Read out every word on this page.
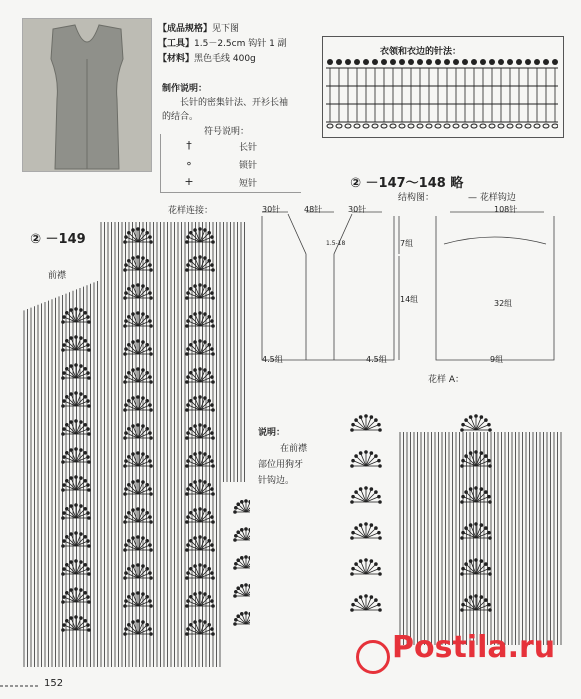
【成品规格】见下图
【工具】1.5－2.5cm 钩针 1 副
【材料】黑色毛线 400g
制作说明：
长针的密集针法、开衫长袖
的结合。
符号说明：
†	长针
∘	锁针
+	短针
衣领和衣边的针法：
② －149
前襟
花样连接：
说明：
在前襟
部位用狗牙
针钩边。
② －147～148 略
结构图：	— 花样钩边
30针	48针	30针
1.5-18	7组
14组
4.5组	4.5组
108针
32组
9组
花样 A：
Postila.ru
152
